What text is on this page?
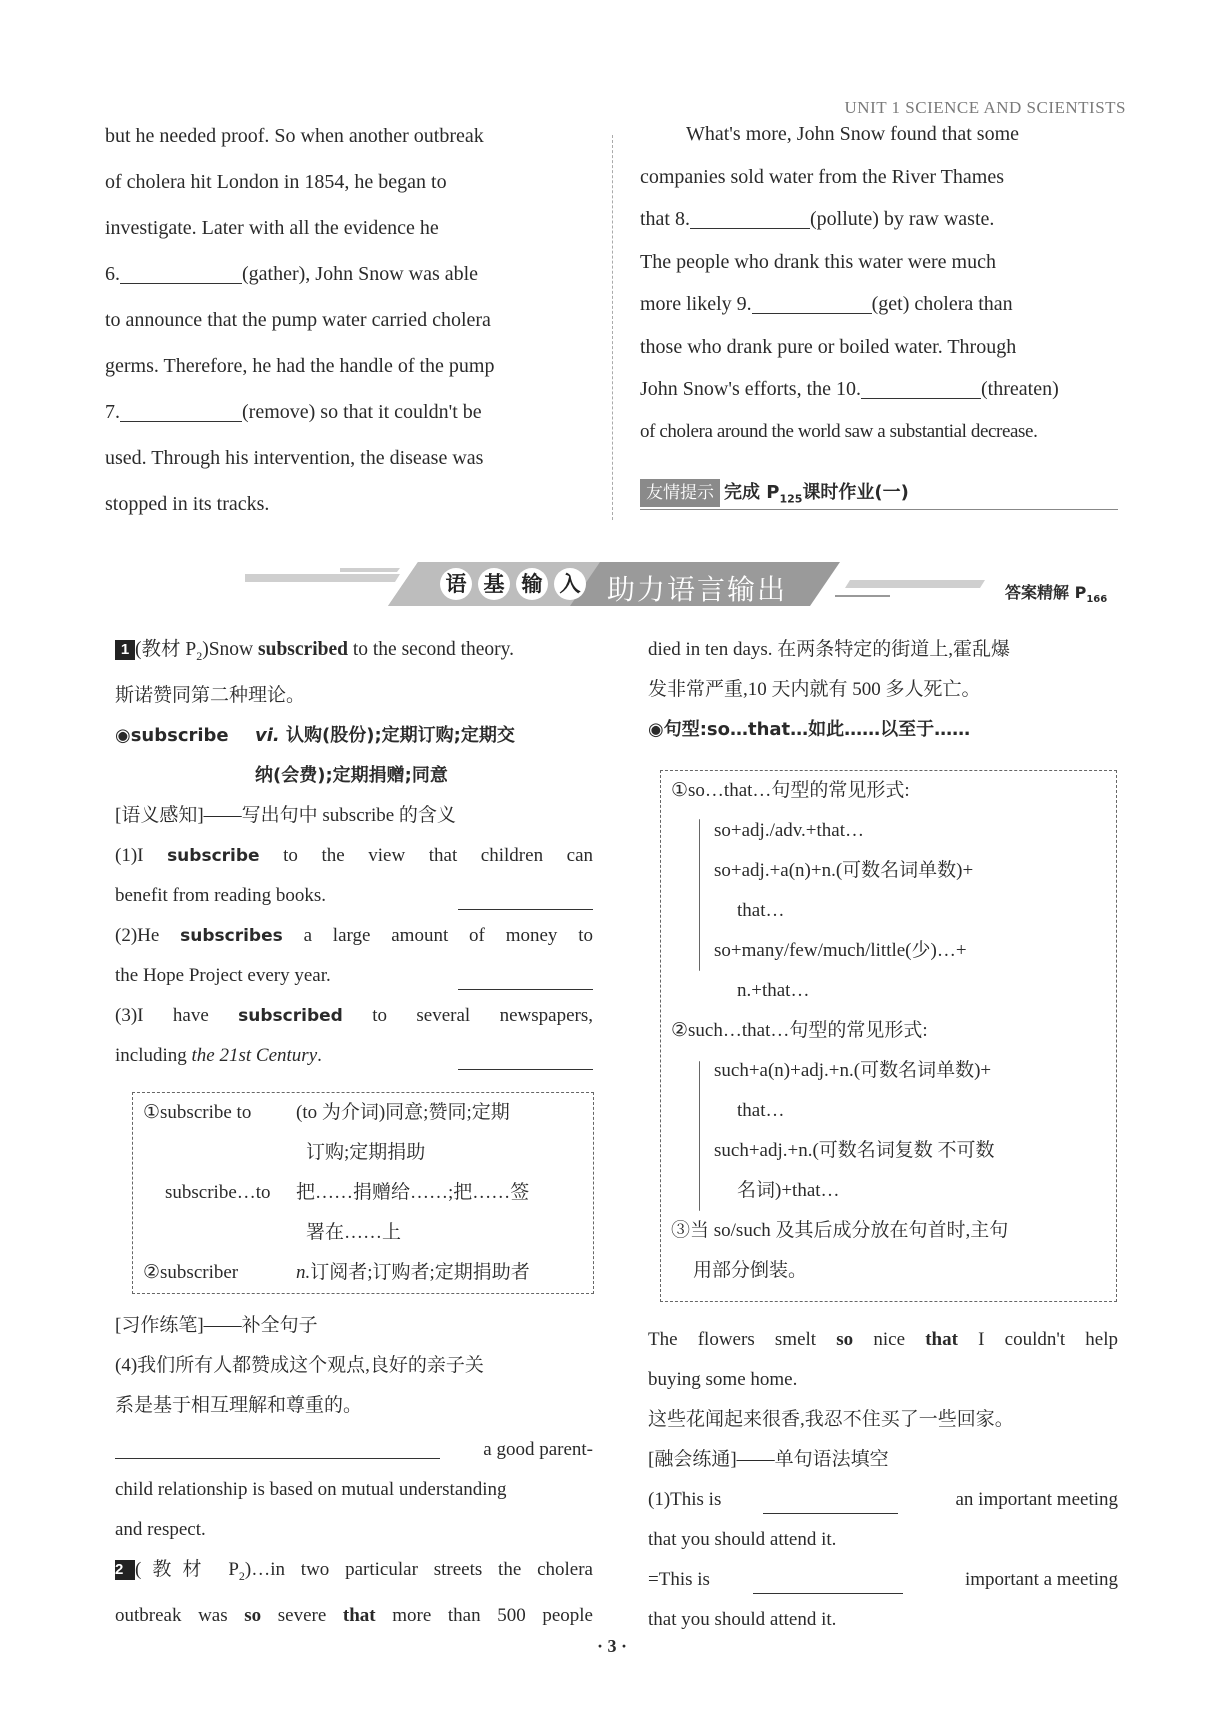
UNIT 1 SCIENCE AND SCIENTISTS

but he needed proof. So when another outbreak

of cholera hit London in 1854, he began to

investigate. Later with all the evidence he

6.	(gather), John Snow was able

to announce that the pump water carried cholera

germs. Therefore, he had the handle of the pump

7.	(remove) so that it couldn't be

used. Through his intervention, the disease was

stopped in its tracks.

What's more, John Snow found that some

companies sold water from the River Thames

that 8.	(pollute) by raw waste.

The people who drank this water were much

more likely 9.	(get) cholera than

those who drank pure or boiled water. Through

John Snow's efforts, the 10.	(threaten)

of cholera around the world saw a substantial decrease.

友情提示 完成 $P_{125}$课时作业(一)
语 基 输 入 助力语言输出	答案精解 $P_{166}$
1 (教材 $P_2)Snow$ subscribed to the second theory.
斯诺赞同第二种理论。
◉subscribe vi. 认购(股份);定期订购;定期交
纳(会费);定期捐赠;同意
[语义感知]——写出句中 subscribe 的含义
(1)I subscribe to the view that children can
benefit from reading books.
(2)He subscribes a large amount of money to
the Hope Project every year.
(3)I have subscribed to several newspapers,
including the 21st Century.
①subscribe to (to 为介词)同意;赞同;定期
订购;定期捐助
subscribe…to 把……捐赠给……;把……签
署在……上
②subscriber	n.订阅者;订购者;定期捐助者
[习作练笔]——补全句子
(4)我们所有人都赞成这个观点,良好的亲子关
系是基于相互理解和尊重的。
a good parent-
child relationship is based on mutual understanding
and respect.
2 (教材 $P_2)\dots in$ two particular streets the cholera
outbreak was so severe that more than 500 people
died in ten days. 在两条特定的街道上,霍乱爆
发非常严重,10 天内就有 500 多人死亡。
◉句型:so…that…如此……以至于……
①so…that…句型的常见形式:
so+adj./adv.+that…
so+adj.+a(n)+n.(可数名词单数)+
that…
so+many/few/much/little(少)…+
n.+that…
②such…that…句型的常见形式:
such+a(n)+adj.+n.(可数名词单数)+
that…
such+adj.+n.(可数名词复数 不可数
名词)+that…
③当 so/such 及其后成分放在句首时,主句
用部分倒装。
The flowers smelt so nice that I couldn't help
buying some home.
这些花闻起来很香,我忍不住买了一些回家。
[融会练通]——单句语法填空
(1)This is	an important meeting
that you should attend it.
=This is	important a meeting
that you should attend it.
· 3 ·
